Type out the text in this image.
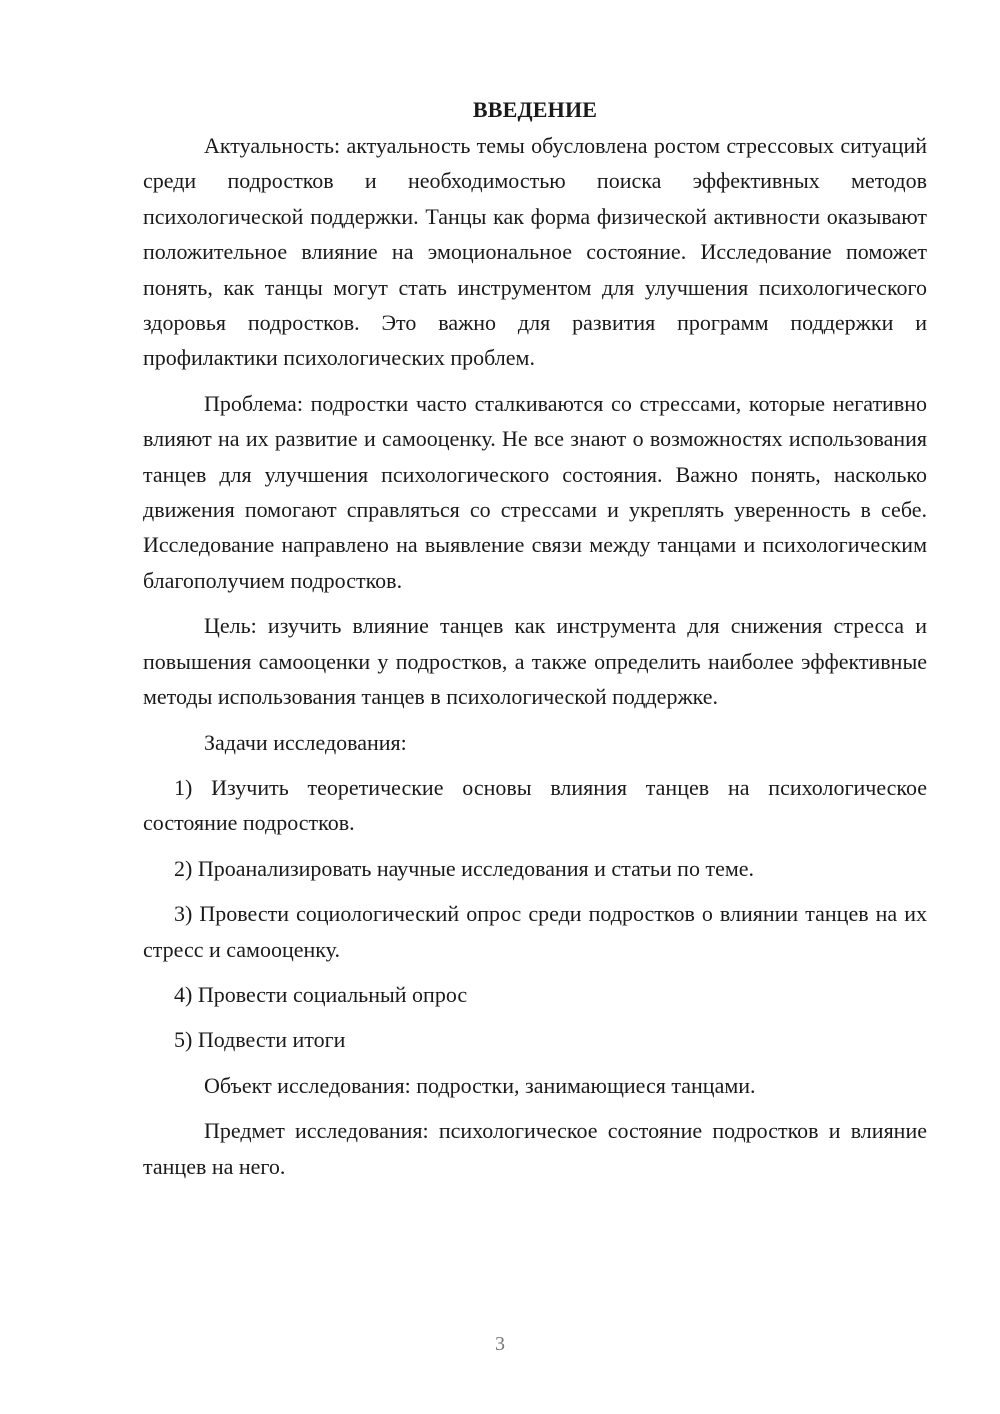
ВВЕДЕНИЕ

Актуальность: актуальность темы обусловлена ростом стрессовых ситуаций среди подростков и необходимостью поиска эффективных методов психологической поддержки. Танцы как форма физической активности оказывают положительное влияние на эмоциональное состояние. Исследование поможет понять, как танцы могут стать инструментом для улучшения психологического здоровья подростков. Это важно для развития программ поддержки и профилактики психологических проблем.

Проблема: подростки часто сталкиваются со стрессами, которые негативно влияют на их развитие и самооценку. Не все знают о возможностях использования танцев для улучшения психологического состояния. Важно понять, насколько движения помогают справляться со стрессами и укреплять уверенность в себе. Исследование направлено на выявление связи между танцами и психологическим благополучием подростков.

Цель: изучить влияние танцев как инструмента для снижения стресса и повышения самооценки у подростков, а также определить наиболее эффективные методы использования танцев в психологической поддержке.

Задачи исследования:

1) Изучить теоретические основы влияния танцев на психологическое состояние подростков.

2) Проанализировать научные исследования и статьи по теме.

3) Провести социологический опрос среди подростков о влиянии танцев на их стресс и самооценку.

4) Провести социальный опрос

5) Подвести итоги

Объект исследования: подростки, занимающиеся танцами.

Предмет исследования: психологическое состояние подростков и влияние танцев на него.

3
